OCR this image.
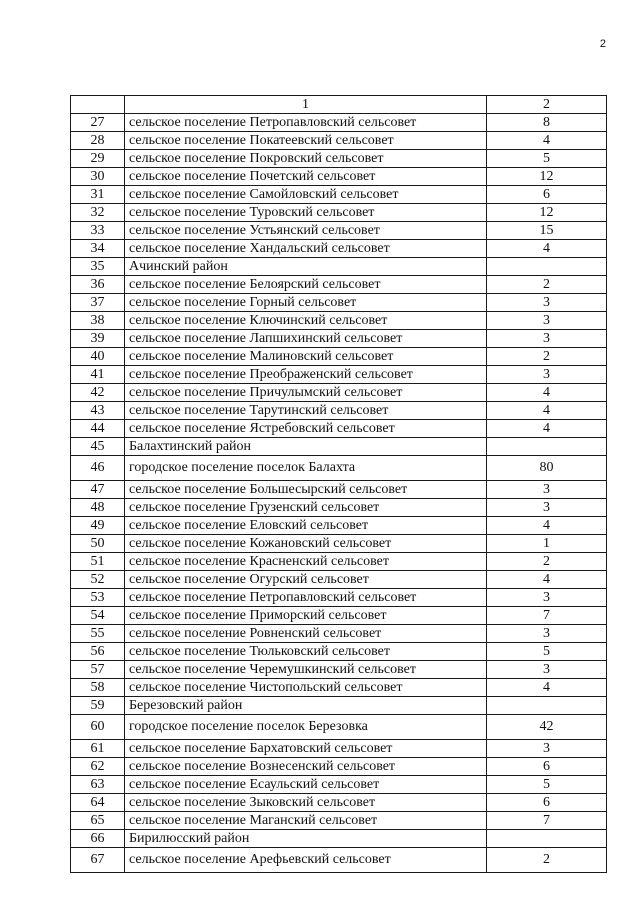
2
	1	2
27	сельское поселение Петропавловский сельсовет	8
28	сельское поселение Покатеевский сельсовет	4
29	сельское поселение Покровский сельсовет	5
30	сельское поселение Почетский сельсовет	12
31	сельское поселение Самойловский сельсовет	6
32	сельское поселение Туровский сельсовет	12
33	сельское поселение Устьянский сельсовет	15
34	сельское поселение Хандальский сельсовет	4
35	Ачинский район	
36	сельское поселение Белоярский сельсовет	2
37	сельское поселение Горный сельсовет	3
38	сельское поселение Ключинский сельсовет	3
39	сельское поселение Лапшихинский сельсовет	3
40	сельское поселение Малиновский сельсовет	2
41	сельское поселение Преображенский сельсовет	3
42	сельское поселение Причулымский сельсовет	4
43	сельское поселение Тарутинский сельсовет	4
44	сельское поселение Ястребовский сельсовет	4
45	Балахтинский район	
46	городское поселение поселок Балахта	80
47	сельское поселение Большесырский сельсовет	3
48	сельское поселение Грузенский сельсовет	3
49	сельское поселение Еловский сельсовет	4
50	сельское поселение Кожановский сельсовет	1
51	сельское поселение Красненский сельсовет	2
52	сельское поселение Огурский сельсовет	4
53	сельское поселение Петропавловский сельсовет	3
54	сельское поселение Приморский сельсовет	7
55	сельское поселение Ровненский сельсовет	3
56	сельское поселение Тюльковский сельсовет	5
57	сельское поселение Черемушкинский сельсовет	3
58	сельское поселение Чистопольский сельсовет	4
59	Березовский район	
60	городское поселение поселок Березовка	42
61	сельское поселение Бархатовский сельсовет	3
62	сельское поселение Вознесенский сельсовет	6
63	сельское поселение Есаульский сельсовет	5
64	сельское поселение Зыковский сельсовет	6
65	сельское поселение Маганский сельсовет	7
66	Бирилюсский район	
67	сельское поселение Арефьевский сельсовет	2
